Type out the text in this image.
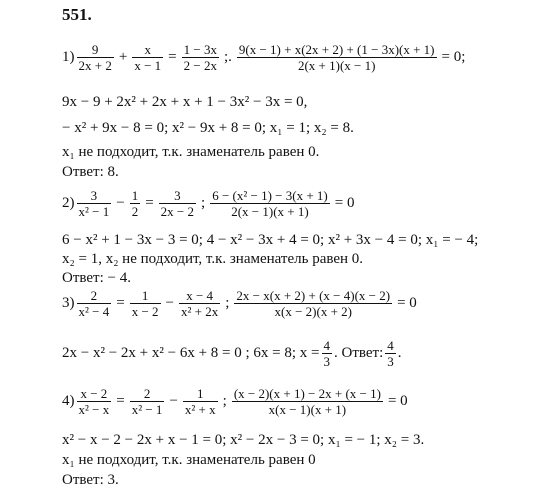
551.
$1) \frac{9}{2x + 2} + \frac{x}{x - 1} = \frac{1 - 3x}{2 - 2x}$ ;. $\frac{9(x - 1) + x(2x + 2) + (1 - 3x)(x + 1)}{2(x + 1)(x - 1)} = 0$;
9x − 9 + 2x² + 2x + x + 1 − 3x² − 3x = 0,
− x² + 9x − 8 = 0; x² − 9x + 8 = 0; x₁ = 1; x₂ = 8.
x₁ не подходит, т.к. знаменатель равен 0.
Ответ: 8.
$2) \frac{3}{\text{x² − 1}} - \frac{1}{2} = \frac{3}{2x - 2}$ ; $\frac{\text{6 − (x² − 1) − 3(x + 1)}}{2(x - 1)(x + 1)} = 0$
6 − x² + 1 − 3x − 3 = 0; 4 − x² − 3x + 4 = 0; x² + 3x − 4 = 0; x₁ = − 4;
x₂ = 1, x₂ не подходит, т.к. знаменатель равен 0.
Ответ: − 4.
$3) \frac{2}{\text{x² − 4}} = \frac{1}{x - 2} - \frac{x - 4}{\text{x² + 2x}}$ ; $\frac{2x - x(x + 2) + (x - 4)(x - 2)}{x(x - 2)(x + 2)} = 0$
2x − x² − 2x + x² − 6x + 8 = 0 ; 6x = 8; $x = \frac{4}{3}$ . Ответ: $\frac{4}{3}$ .
$4) \frac{x - 2}{\text{x² − x}} = \frac{2}{\text{x² − 1}} - \frac{1}{\text{x² + x}}$ ; $\frac{(x - 2)(x + 1) - 2x + (x - 1)}{x(x - 1)(x + 1)} = 0$
x² − x − 2 − 2x + x − 1 = 0; x² − 2x − 3 = 0; x₁ = − 1; x₂ = 3.
x₁ не подходит, т.к. знаменатель равен 0
Ответ: 3.
